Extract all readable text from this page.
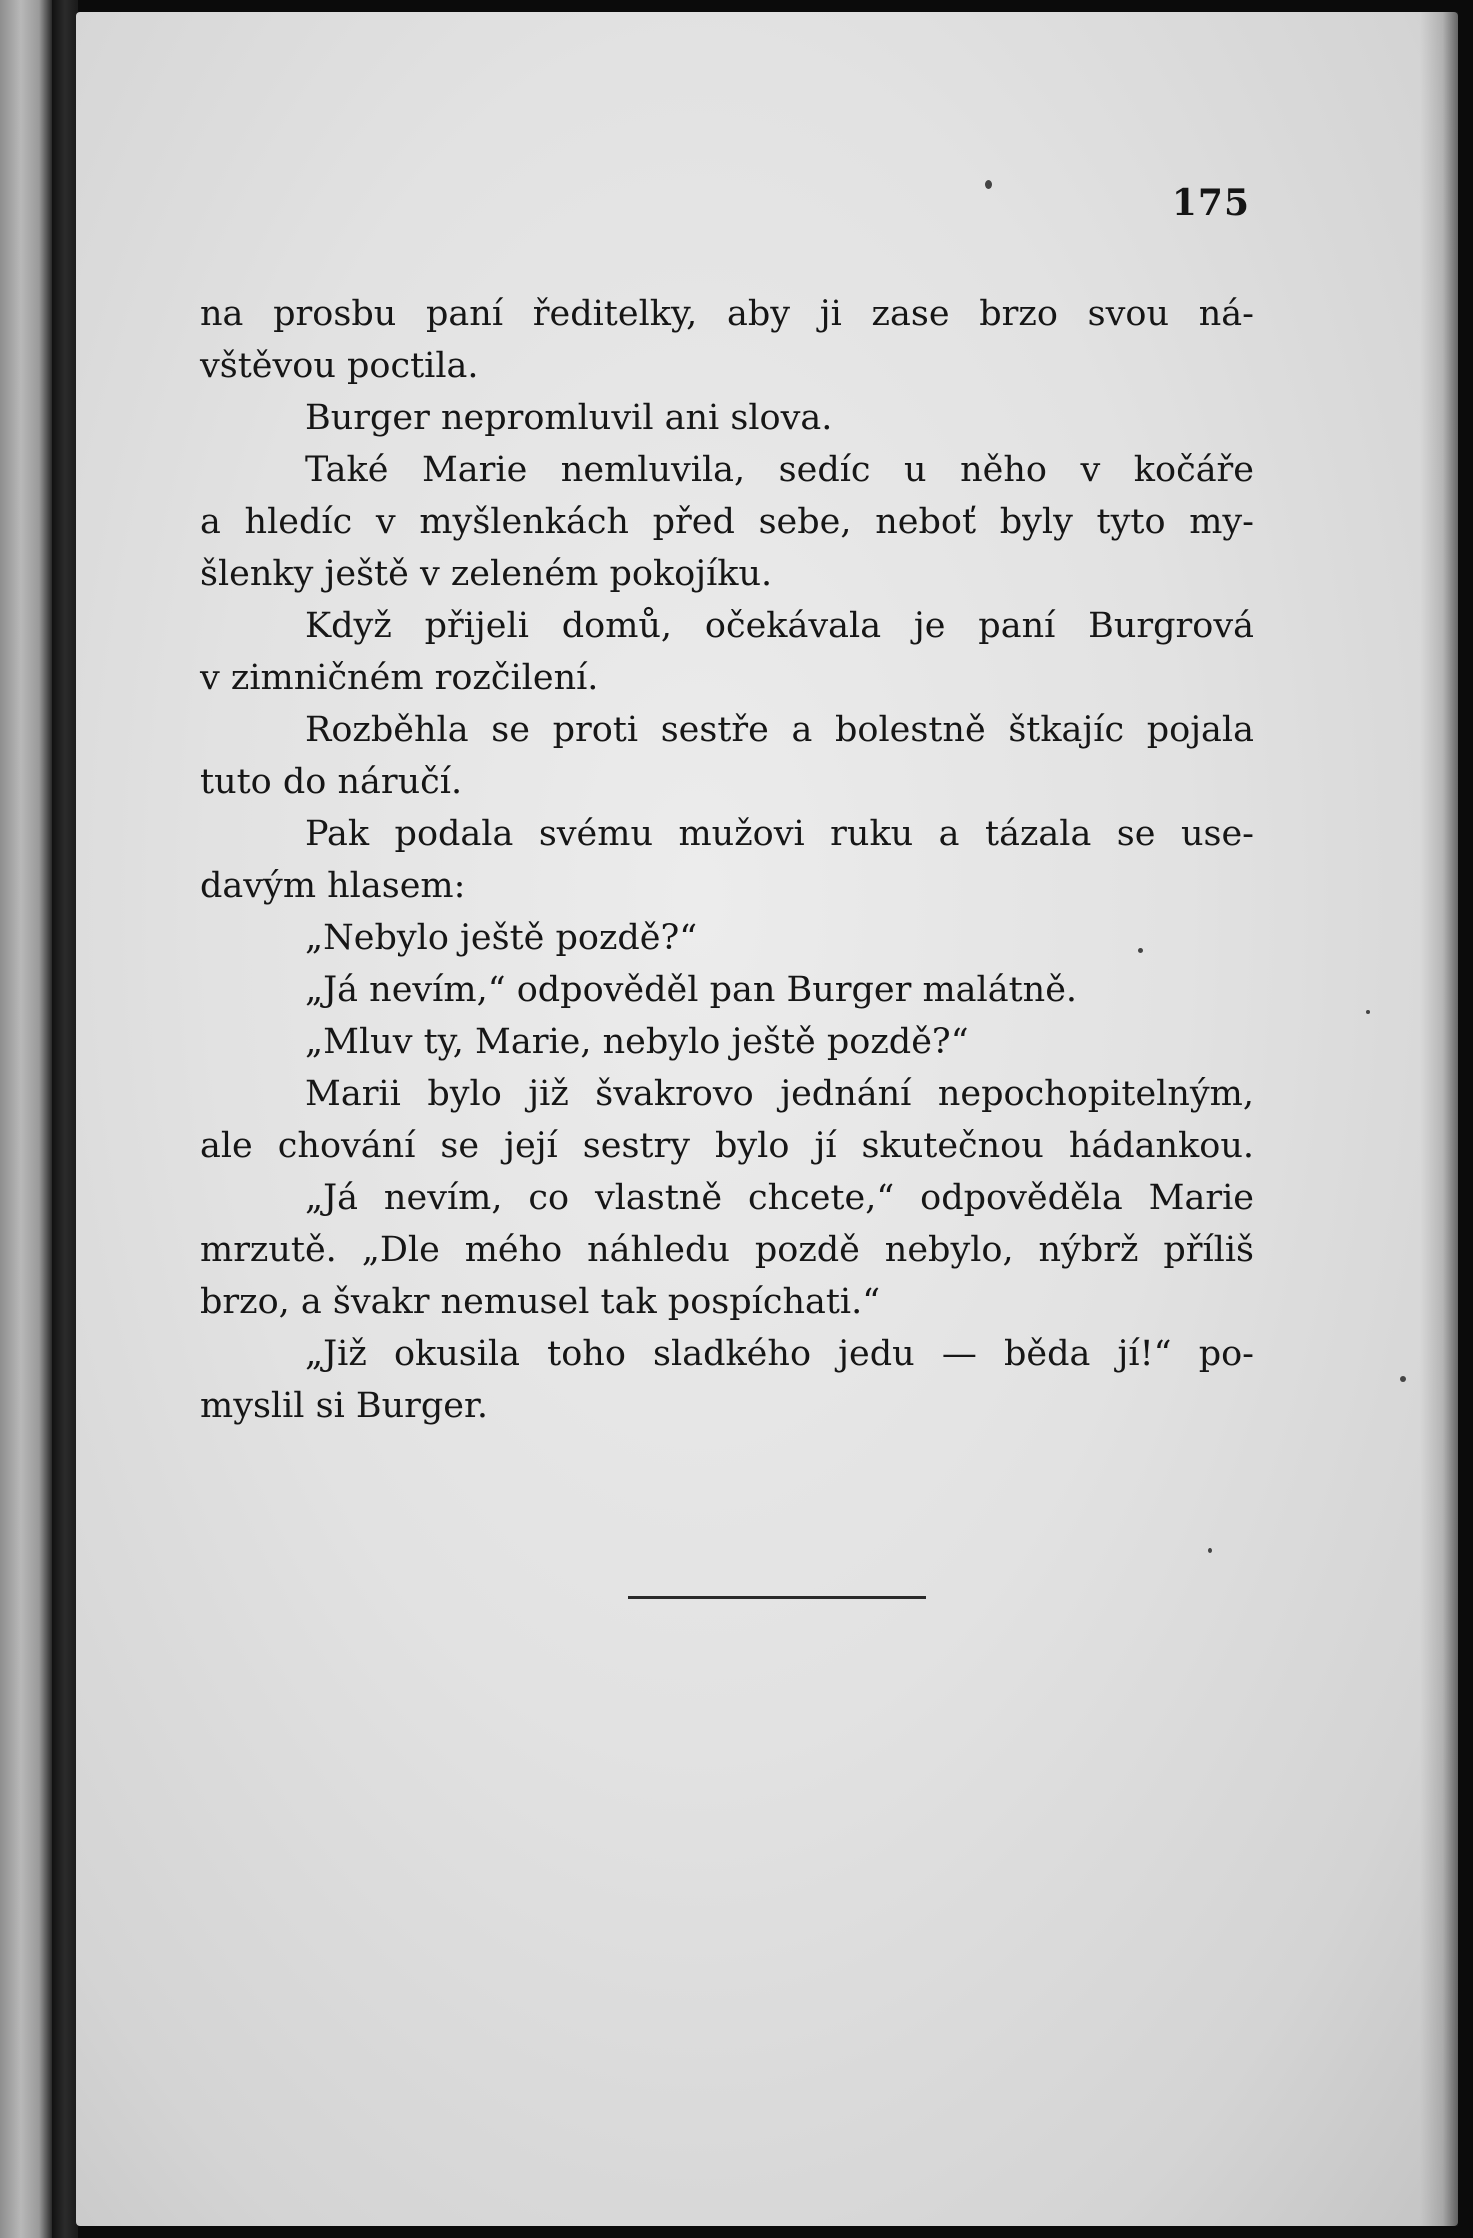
175
na prosbu paní ředitelky, aby ji zase brzo svou ná-
vštěvou poctila.
Burger nepromluvil ani slova.
Také Marie nemluvila, sedíc u něho v kočáře
a hledíc v myšlenkách před sebe, neboť byly tyto my-
šlenky ještě v zeleném pokojíku.
Když přijeli domů, očekávala je paní Burgrová
v zimničném rozčilení.
Rozběhla se proti sestře a bolestně štkajíc pojala
tuto do náručí.
Pak podala svému mužovi ruku a tázala se use-
davým hlasem:
„Nebylo ještě pozdě?“
„Já nevím,“ odpověděl pan Burger malátně.
„Mluv ty, Marie, nebylo ještě pozdě?“
Marii bylo již švakrovo jednání nepochopitelným,
ale chování se její sestry bylo jí skutečnou hádankou.
„Já nevím, co vlastně chcete,“ odpověděla Marie
mrzutě. „Dle mého náhledu pozdě nebylo, nýbrž příliš
brzo, a švakr nemusel tak pospíchati.“
„Již okusila toho sladkého jedu — běda jí!“ po-
myslil si Burger.
